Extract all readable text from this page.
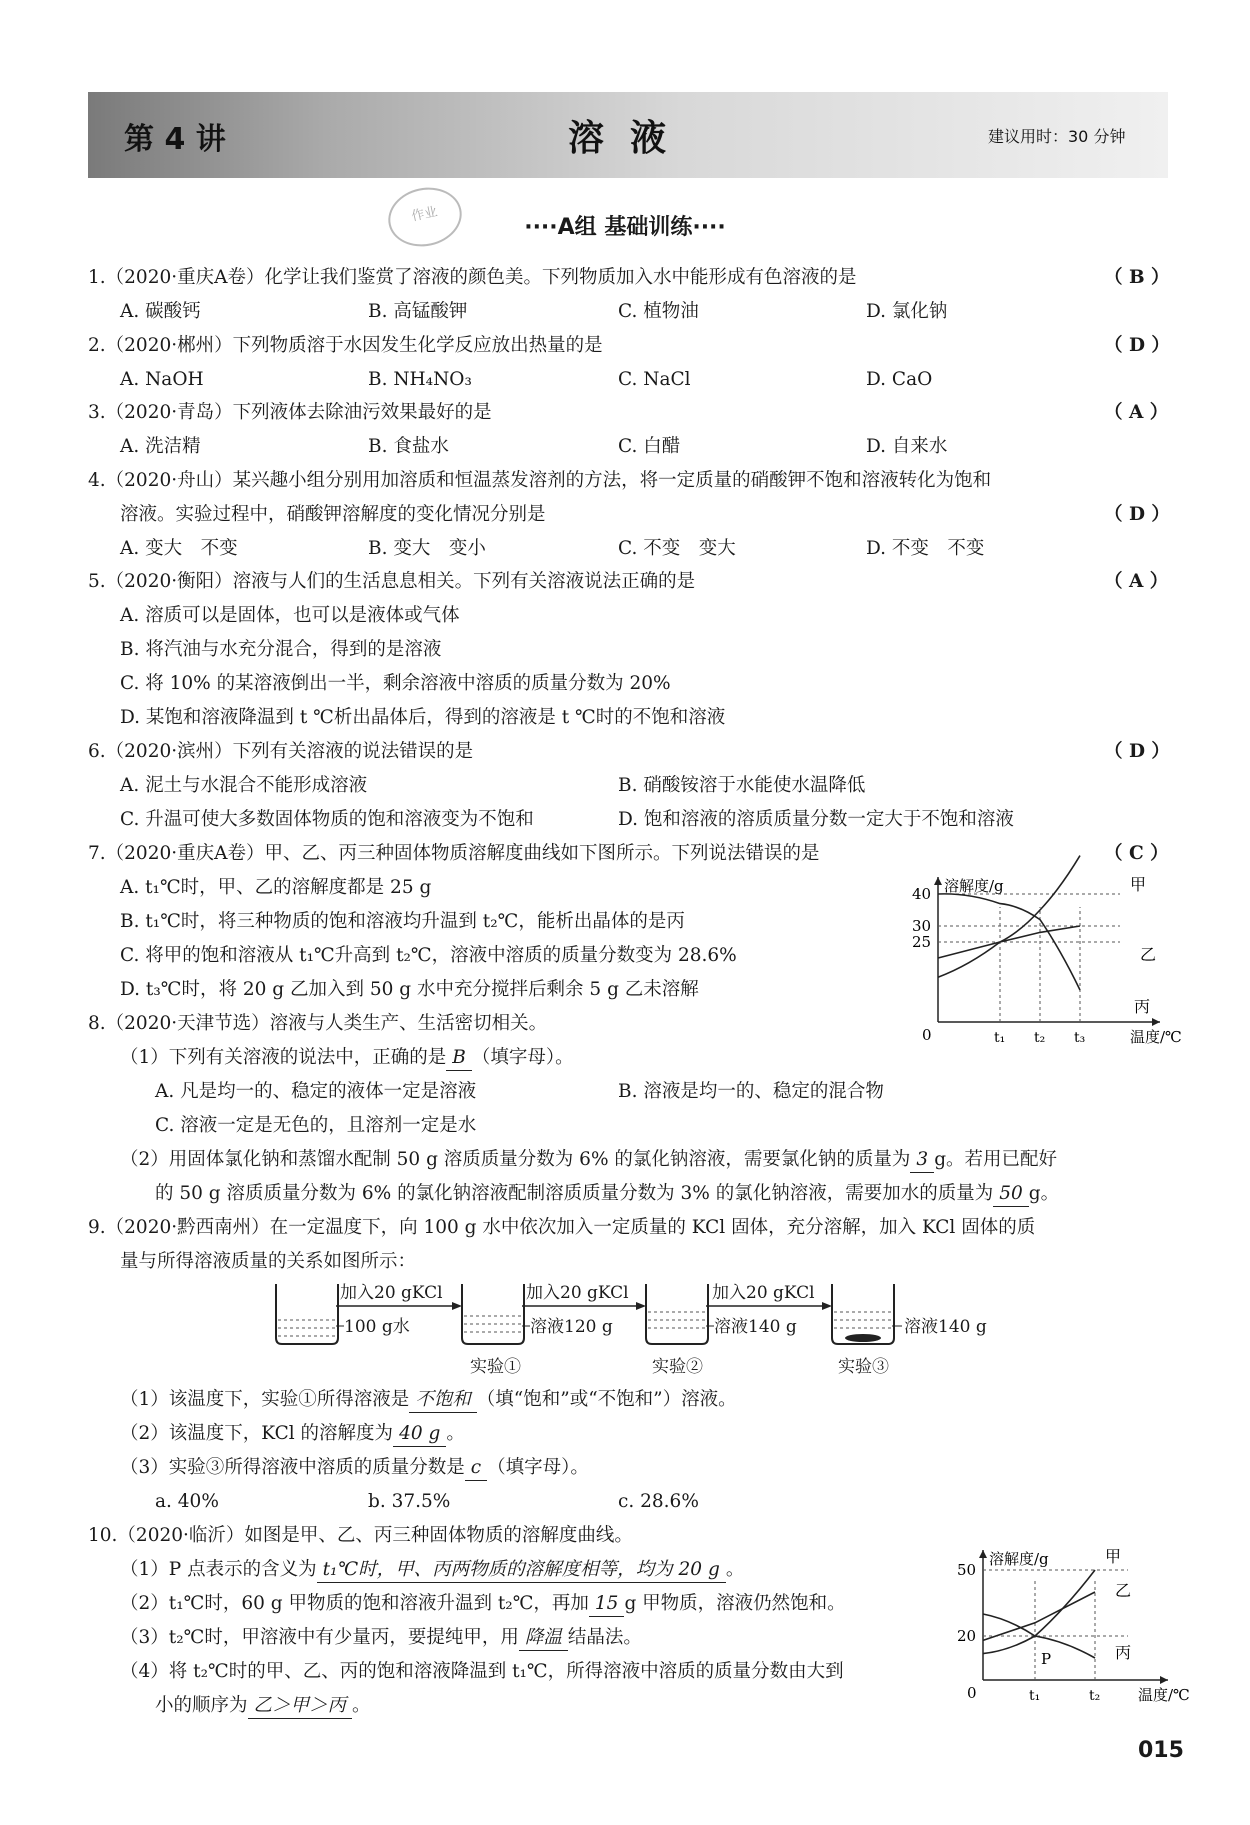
第 4 讲	溶液	建议用时：30 分钟
作业
····A组 基础训练····
1.（2020·重庆A卷）化学让我们鉴赏了溶液的颜色美。下列物质加入水中能形成有色溶液的是	（ B ）
A. 碳酸钙	B. 高锰酸钾	C. 植物油	D. 氯化钠
2.（2020·郴州）下列物质溶于水因发生化学反应放出热量的是	（ D ）
A. NaOH	B. NH₄NO₃	C. NaCl	D. CaO
3.（2020·青岛）下列液体去除油污效果最好的是	（ A ）
A. 洗洁精	B. 食盐水	C. 白醋	D. 自来水
4.（2020·舟山）某兴趣小组分别用加溶质和恒温蒸发溶剂的方法，将一定质量的硝酸钾不饱和溶液转化为饱和
溶液。实验过程中，硝酸钾溶解度的变化情况分别是	（ D ）
A. 变大　不变	B. 变大　变小	C. 不变　变大	D. 不变　不变
5.（2020·衡阳）溶液与人们的生活息息相关。下列有关溶液说法正确的是	（ A ）
A. 溶质可以是固体，也可以是液体或气体
B. 将汽油与水充分混合，得到的是溶液
C. 将 10% 的某溶液倒出一半，剩余溶液中溶质的质量分数为 20%
D. 某饱和溶液降温到 t ℃析出晶体后，得到的溶液是 t ℃时的不饱和溶液
6.（2020·滨州）下列有关溶液的说法错误的是	（ D ）
A. 泥土与水混合不能形成溶液	B. 硝酸铵溶于水能使水温降低
C. 升温可使大多数固体物质的饱和溶液变为不饱和	D. 饱和溶液的溶质质量分数一定大于不饱和溶液
7.（2020·重庆A卷）甲、乙、丙三种固体物质溶解度曲线如下图所示。下列说法错误的是	（ C ）
A. t₁℃时，甲、乙的溶解度都是 25 g
B. t₁℃时，将三种物质的饱和溶液均升温到 t₂℃，能析出晶体的是丙
C. 将甲的饱和溶液从 t₁℃升高到 t₂℃，溶液中溶质的质量分数变为 28.6%
D. t₃℃时，将 20 g 乙加入到 50 g 水中充分搅拌后剩余 5 g 乙未溶解
溶解度/g
温度/℃
0
40
30
25
t₁ t₂ t₃
甲
乙
丙
8.（2020·天津节选）溶液与人类生产、生活密切相关。
（1）下列有关溶液的说法中，正确的是 B （填字母）。
A. 凡是均一的、稳定的液体一定是溶液	B. 溶液是均一的、稳定的混合物
C. 溶液一定是无色的，且溶剂一定是水
（2）用固体氯化钠和蒸馏水配制 50 g 溶质质量分数为 6% 的氯化钠溶液，需要氯化钠的质量为 3 g。若用已配好
的 50 g 溶质质量分数为 6% 的氯化钠溶液配制溶质质量分数为 3% 的氯化钠溶液，需要加水的质量为 50 g。
9.（2020·黔西南州）在一定温度下，向 100 g 水中依次加入一定质量的 KCl 固体，充分溶解，加入 KCl 固体的质
量与所得溶液质量的关系如图所示：
100 g水
加入20 gKCl
溶液120 g
实验①
加入20 gKCl
溶液140 g
实验②
加入20 gKCl
溶液140 g
实验③
（1）该温度下，实验①所得溶液是 不饱和 （填“饱和”或“不饱和”）溶液。
（2）该温度下，KCl 的溶解度为 40 g 。
（3）实验③所得溶液中溶质的质量分数是 c （填字母）。
a. 40%	b. 37.5%	c. 28.6%
10.（2020·临沂）如图是甲、乙、丙三种固体物质的溶解度曲线。
（1）P 点表示的含义为 t₁℃时，甲、丙两物质的溶解度相等，均为 20 g 。
（2）t₁℃时，60 g 甲物质的饱和溶液升温到 t₂℃，再加 15 g 甲物质，溶液仍然饱和。
（3）t₂℃时，甲溶液中有少量丙，要提纯甲，用 降温 结晶法。
（4）将 t₂℃时的甲、乙、丙的饱和溶液降温到 t₁℃，所得溶液中溶质的质量分数由大到
小的顺序为 乙＞甲＞丙 。
溶解度/g
温度/℃
0
50
20
t₁	t₂
甲
乙
丙
P
015
